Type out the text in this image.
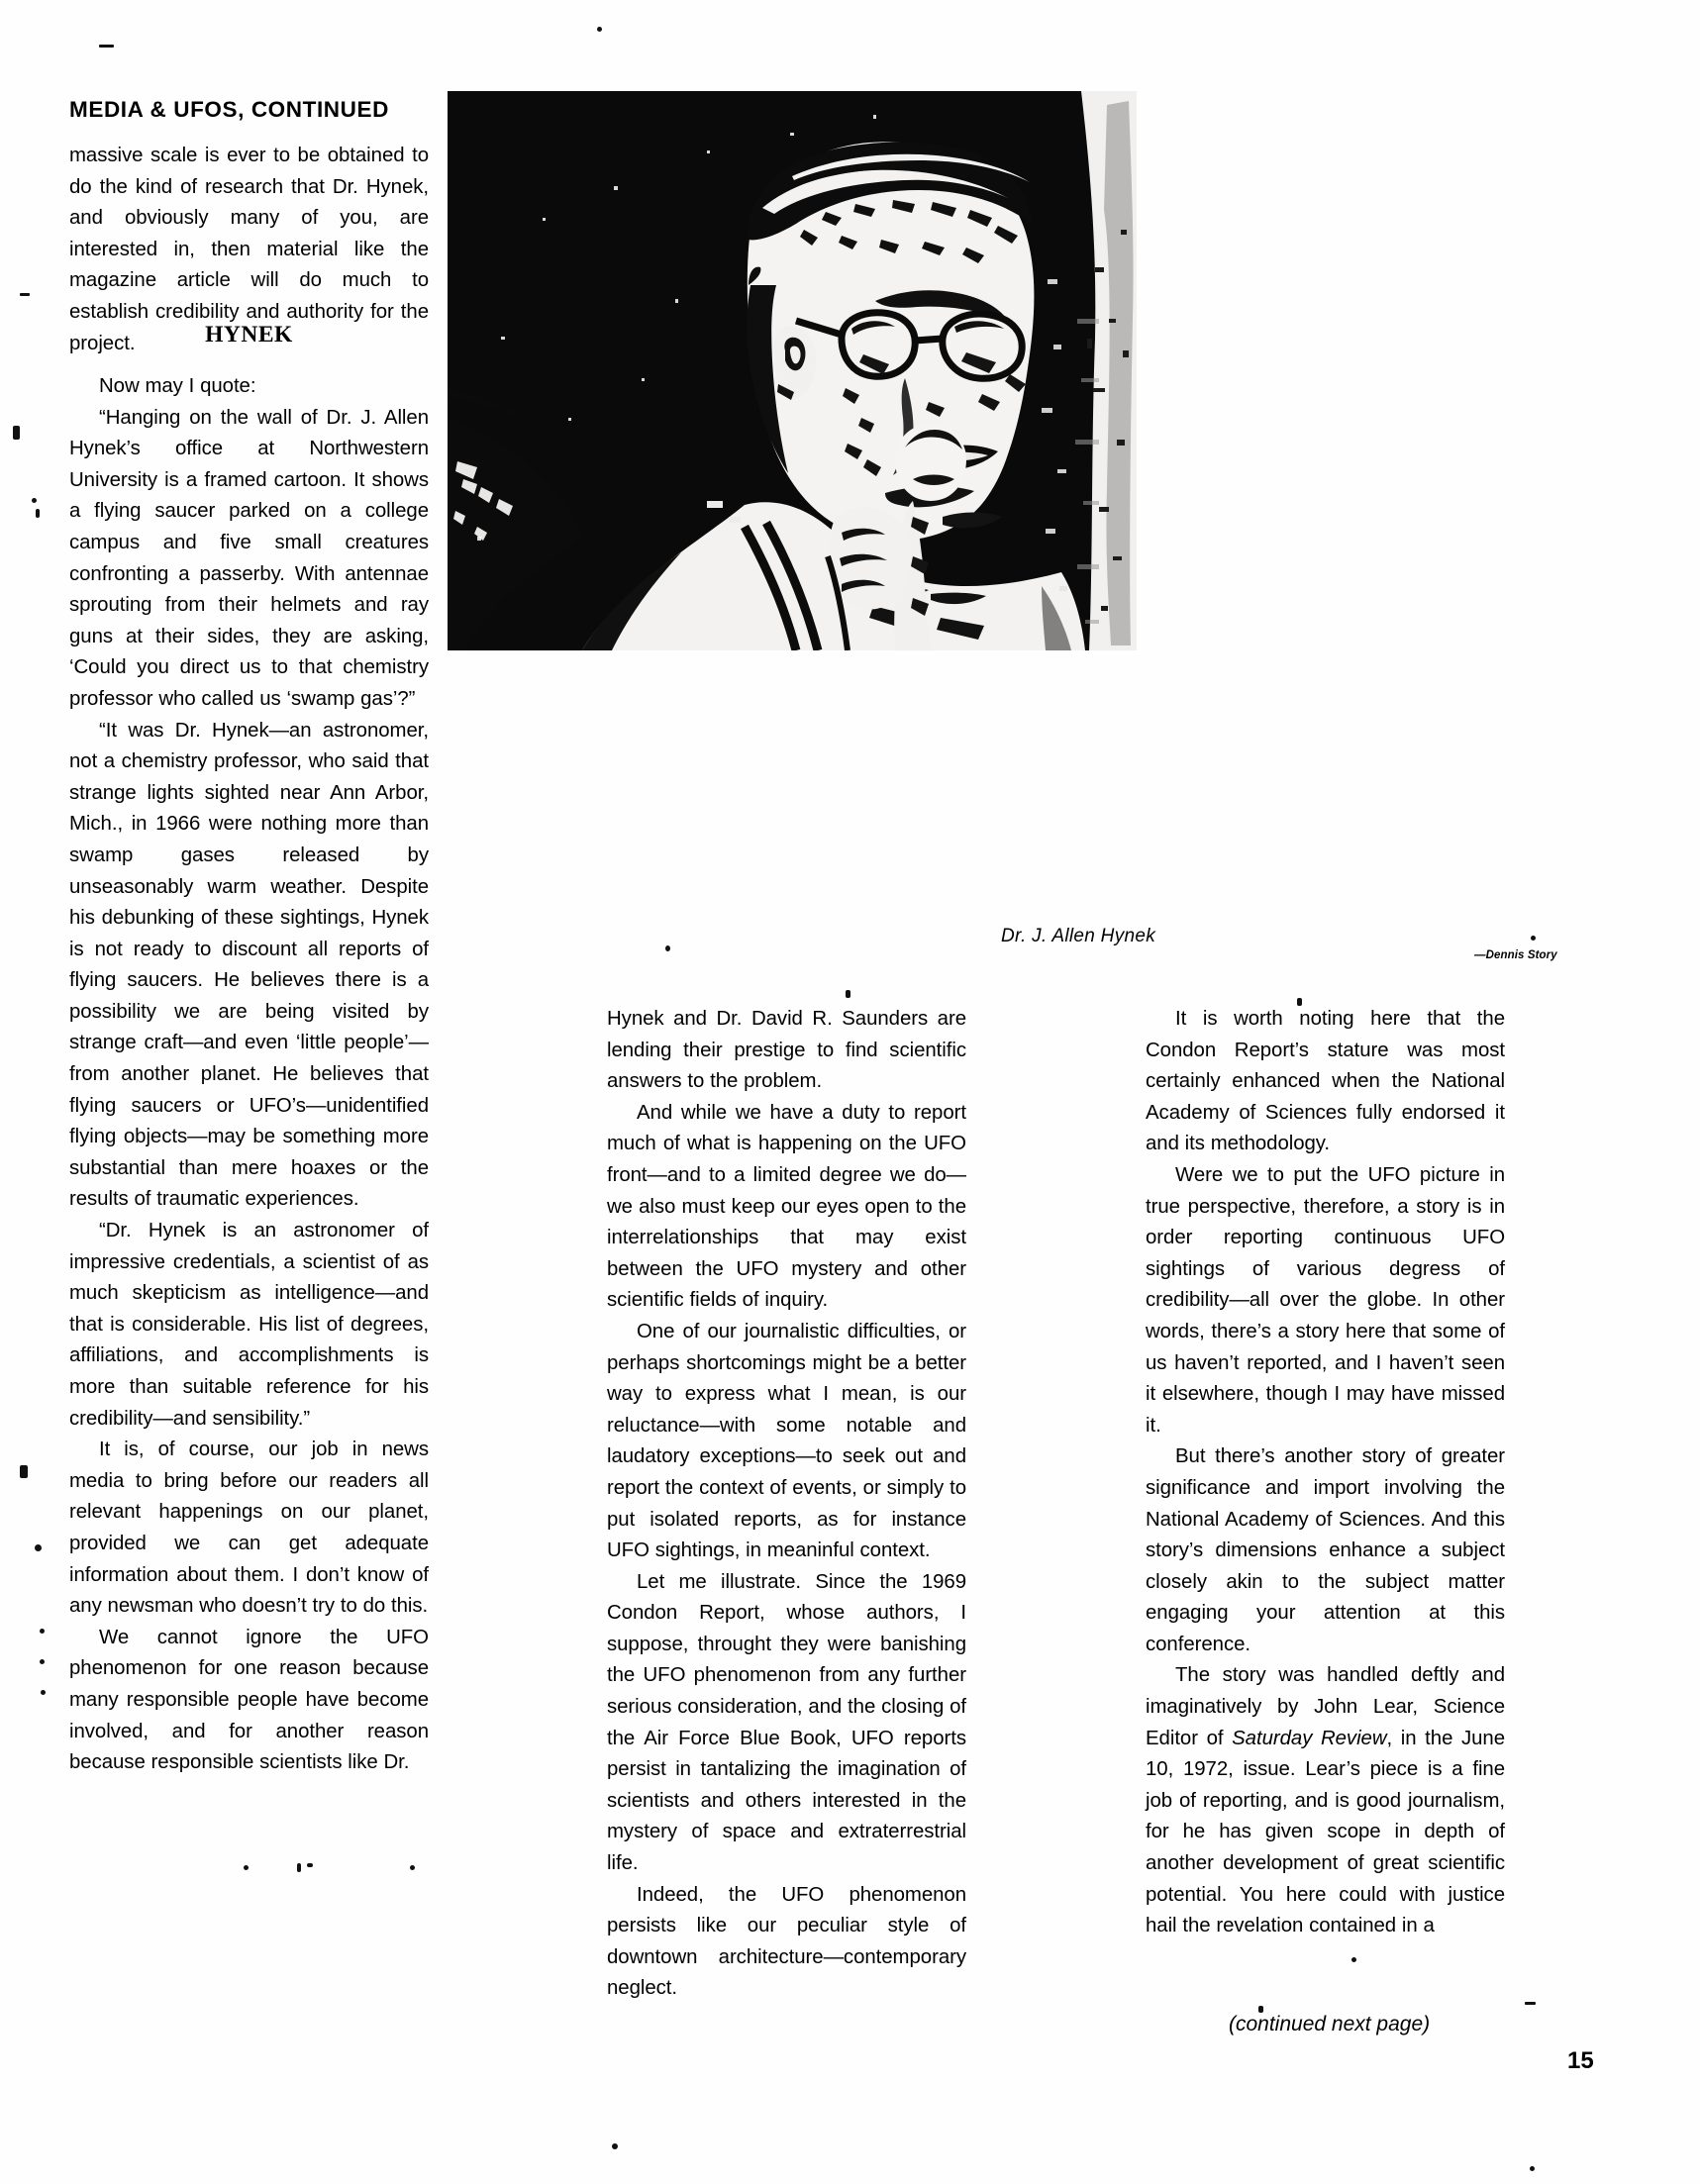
MEDIA & UFOS, CONTINUED
Dr. J. Allen Hynek
—Dennis Story

massive scale is ever to be obtained to do the kind of research that Dr. Hynek, and obviously many of you, are interested in, then material like the magazine article will do much to establish credibility and authority for the project.	HYNEK

Now may I quote:

“Hanging on the wall of Dr. J. Allen Hynek’s office at Northwestern University is a framed cartoon. It shows a flying saucer parked on a college campus and five small creatures confronting a passerby. With antennae sprouting from their helmets and ray guns at their sides, they are asking, ‘Could you direct us to that chemistry professor who called us ‘swamp gas’?”

“It was Dr. Hynek—an astronomer, not a chemistry professor, who said that strange lights sighted near Ann Arbor, Mich., in 1966 were nothing more than swamp gases released by unseasonably warm weather. Despite his debunking of these sightings, Hynek is not ready to discount all reports of flying saucers. He believes there is a possibility we are being visited by strange craft—and even ‘little people’—from another planet. He believes that flying saucers or UFO’s—unidentified flying objects—may be something more substantial than mere hoaxes or the results of traumatic experiences.

“Dr. Hynek is an astronomer of impressive credentials, a scientist of as much skepticism as intelligence—and that is considerable. His list of degrees, affiliations, and accomplishments is more than suitable reference for his credibility—and sensibility.”

It is, of course, our job in news media to bring before our readers all relevant happenings on our planet, provided we can get adequate information about them. I don’t know of any newsman who doesn’t try to do this.

We cannot ignore the UFO phenomenon for one reason because many responsible people have become involved, and for another reason because responsible scientists like Dr.

Hynek and Dr. David R. Saunders are lending their prestige to find scientific answers to the problem.

And while we have a duty to report much of what is happening on the UFO front—and to a limited degree we do—we also must keep our eyes open to the interrelationships that may exist between the UFO mystery and other scientific fields of inquiry.

One of our journalistic difficulties, or perhaps shortcomings might be a better way to express what I mean, is our reluctance—with some notable and laudatory exceptions—to seek out and report the context of events, or simply to put isolated reports, as for instance UFO sightings, in meaninful context.

Let me illustrate. Since the 1969 Condon Report, whose authors, I suppose, throught they were banishing the UFO phenomenon from any further serious consideration, and the closing of the Air Force Blue Book, UFO reports persist in tantalizing the imagination of scientists and others interested in the mystery of space and extraterrestrial life.

Indeed, the UFO phenomenon persists like our peculiar style of downtown architecture—contemporary neglect.

It is worth noting here that the Condon Report’s stature was most certainly enhanced when the National Academy of Sciences fully endorsed it and its methodology.

Were we to put the UFO picture in true perspective, therefore, a story is in order reporting continuous UFO sightings of various degress of credibility—all over the globe. In other words, there’s a story here that some of us haven’t reported, and I haven’t seen it elsewhere, though I may have missed it.

But there’s another story of greater significance and import involving the National Academy of Sciences. And this story’s dimensions enhance a subject closely akin to the subject matter engaging your attention at this conference.

The story was handled deftly and imaginatively by John Lear, Science Editor of Saturday Review, in the June 10, 1972, issue. Lear’s piece is a fine job of reporting, and is good journalism, for he has given scope in depth of another development of great scientific potential. You here could with justice hail the revelation contained in a

(continued next page)
15
